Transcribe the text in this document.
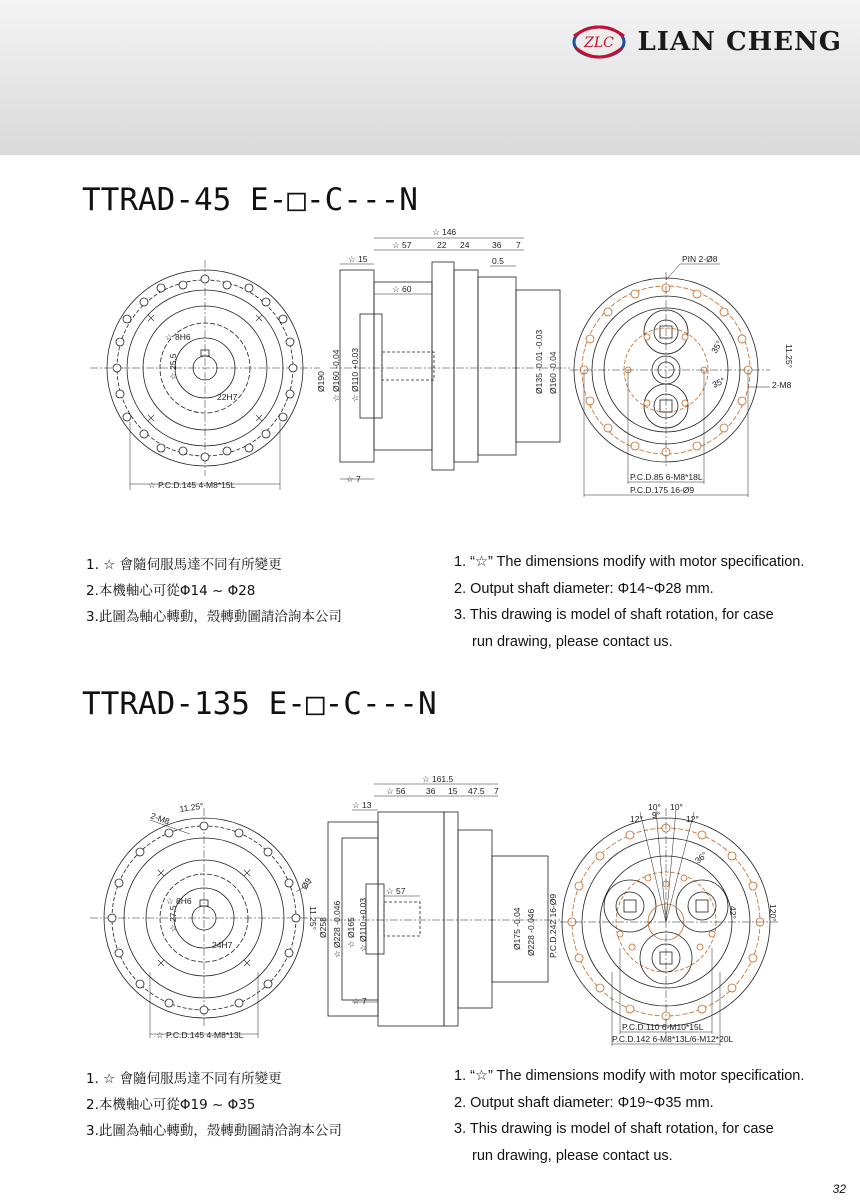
ZLC LIAN CHENG
TTRAD-45 E-□-C---N
☆ 8H6
☆ 25.5
22H7
☆ P.C.D.145 4-M8*15L
☆ 146
☆ 57	22 24	36 7
0.5
☆ 15
☆ 60
☆ 7
Ø190 ☆ Ø160 -0.04 ☆ Ø110 +0.03	Ø135 -0.01 -0.03 Ø160 -0.04
PIN 2-Ø8
11.25°
35°
35°	2-M8
P.C.D.85 6-M8*18L
P.C.D.175 16-Ø9
1. ☆ 會隨伺服馬達不同有所變更
2.本機軸心可從Φ14 ~ Φ28
3.此圖為軸心轉動，殼轉動圖請洽詢本公司
1. “☆” The dimensions modify with motor specification.
2. Output shaft diameter: Φ14~Φ28 mm.
3. This drawing is model of shaft rotation, for case
run drawing, please contact us.
TTRAD-135 E-□-C---N
2-M8
11.25°
Ø9
11.25°
☆ 8H6
☆ 27.5
24H7
☆ P.C.D.145 4-M8*13L
☆ 161.5
☆ 56 36 15 47.5 7
☆ 13
☆ 57
☆ 7
Ø258 ☆ Ø228 -0.046 ☆ Ø165 ☆ Ø110 +0.03	Ø175 -0.04 Ø228 -0.046 P.C.D.242 16-Ø9
10° 10°
12° 9°	12°
36°
42°	120°
P.C.D.110 6-M10*15L
P.C.D.142 6-M8*13L/6-M12*20L
1. ☆ 會隨伺服馬達不同有所變更
2.本機軸心可從Φ19 ~ Φ35
3.此圖為軸心轉動，殼轉動圖請洽詢本公司
1. “☆” The dimensions modify with motor specification.
2. Output shaft diameter: Φ19~Φ35 mm.
3. This drawing is model of shaft rotation, for case
run drawing, please contact us.
32
